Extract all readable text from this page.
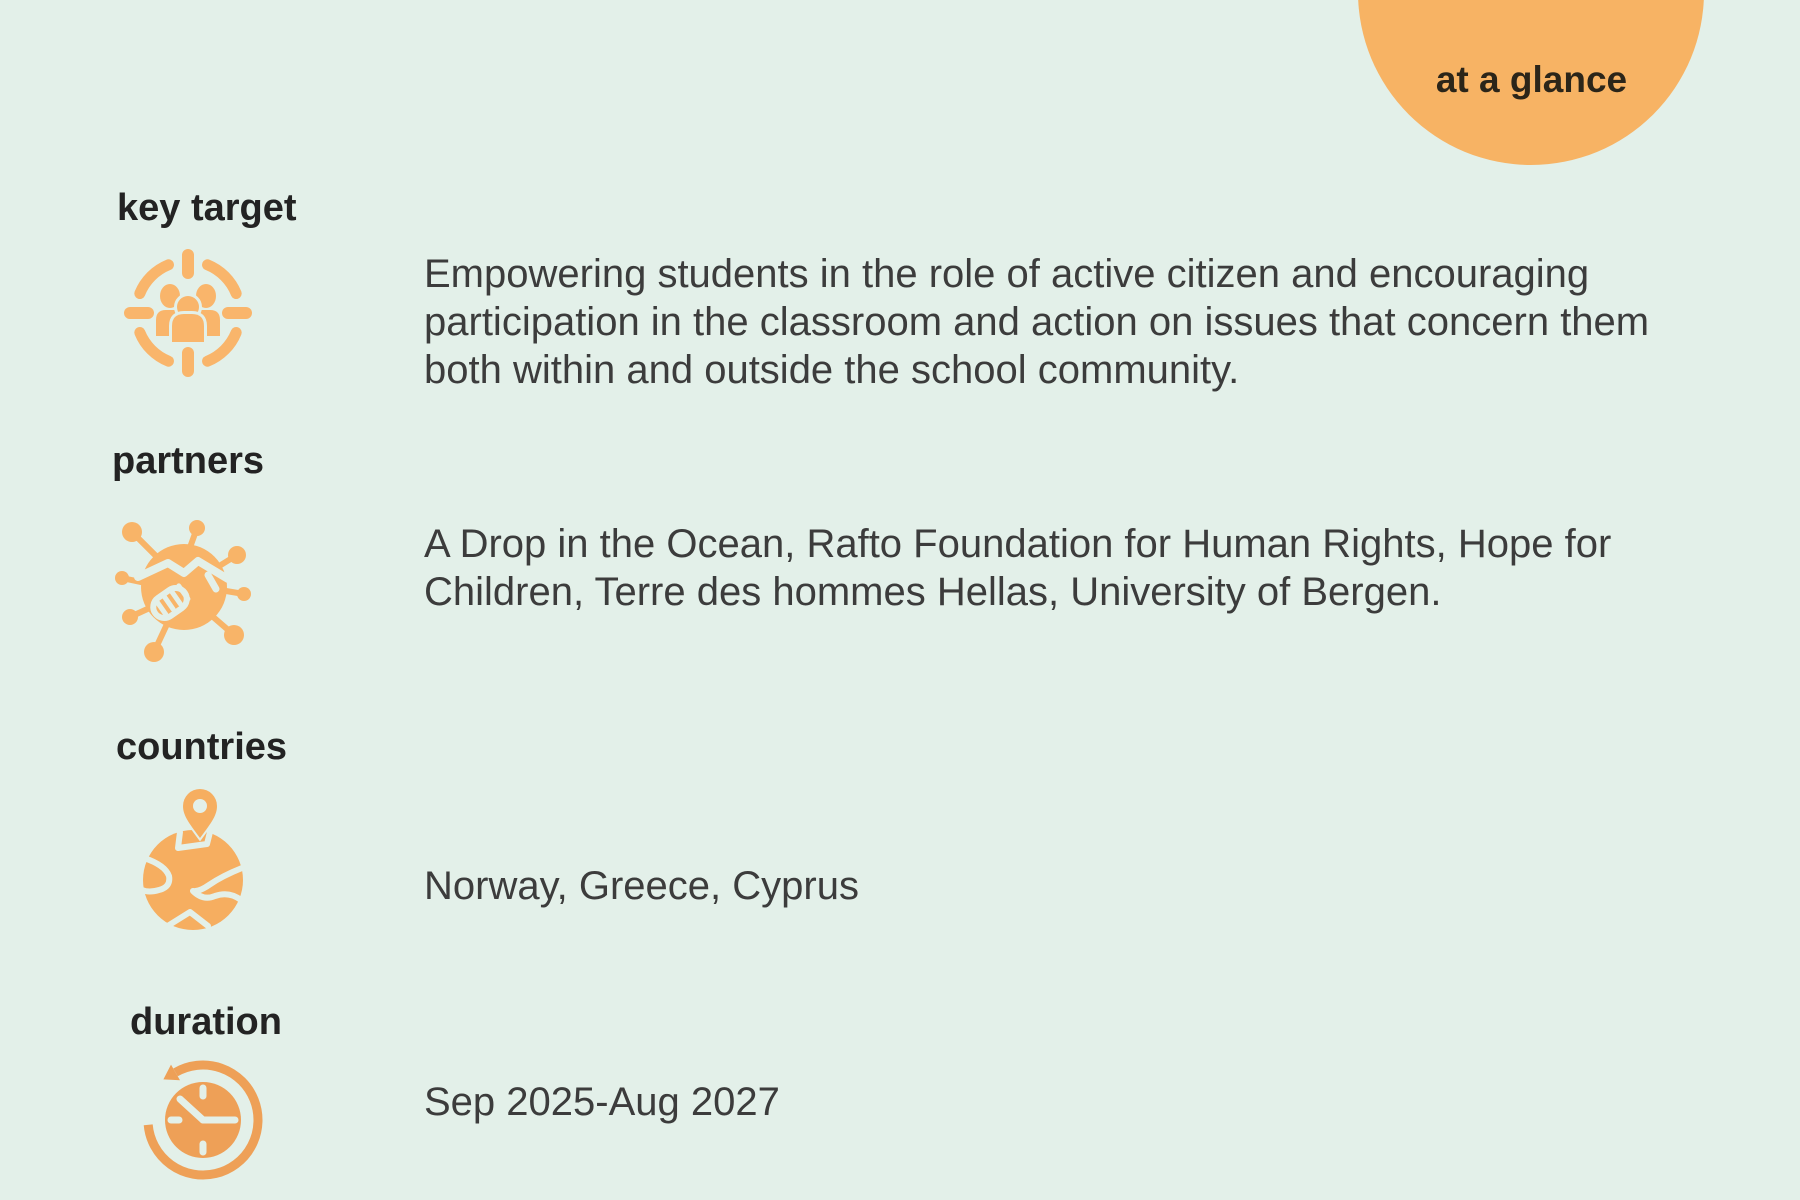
at a glance
key target
Empowering students in the role of active citizen and encouraging
participation in the classroom and action on issues that concern them
both within and outside the school community.
partners
A Drop in the Ocean, Rafto Foundation for Human Rights, Hope for
Children, Terre des hommes Hellas, University of Bergen.
countries
Norway, Greece, Cyprus
duration
Sep 2025-Aug 2027
